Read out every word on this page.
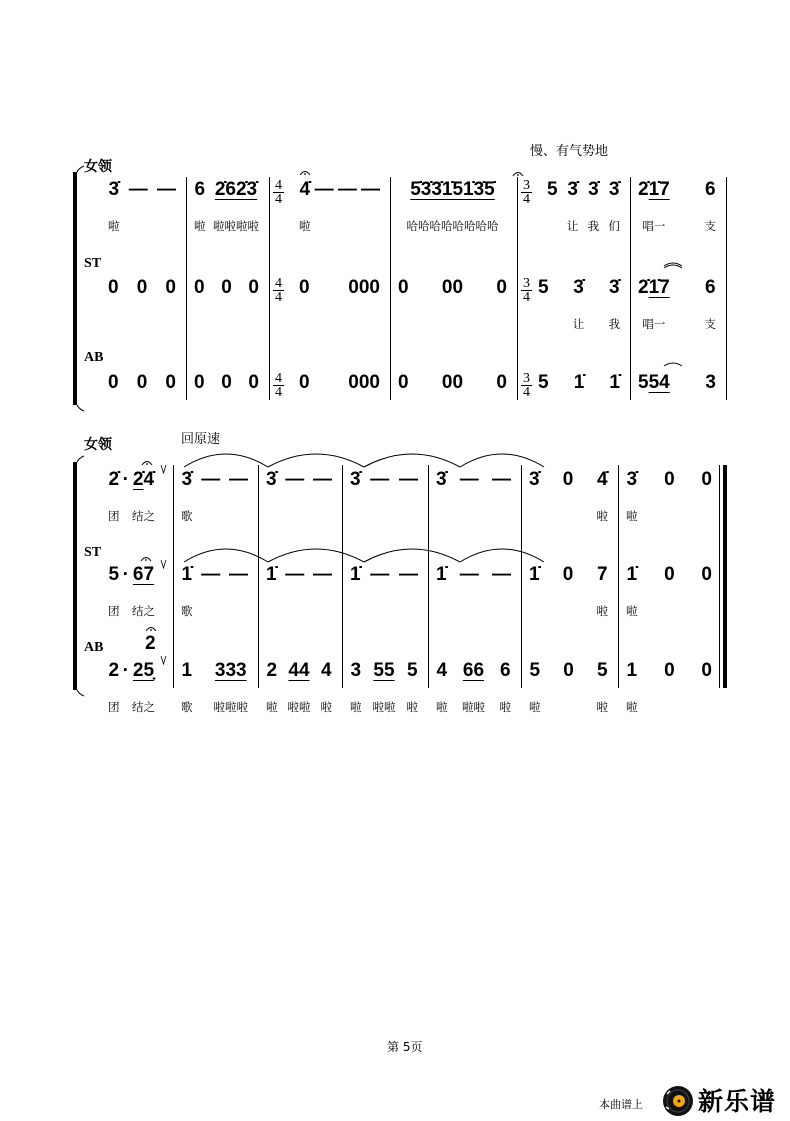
慢、有气势地
女领
3̇
啦
— — 6
啦
2̇62̇3̇
啦啦啦啦
4
4 4̇
啦
— — — 5̇3̇3̇1̇51̇3̇5̇
哈哈哈哈哈哈哈哈
3
4 5 3̇
让
3̇
我
3̇
们
2̇1̇7
唱一
6
支
ST
0 0 0 0 0 0 4
4 0 000 0 00 0 3
4 5 3̇
让
3̇
我
2̇1̇7
唱一
6
支
AB
0 0 0 0 0 0 4
4 0 000 0 00 0 3
4 5 1̇ 1̇ 554 3
回原速
女领
2̇
团
· 2̇4̇
结之
3̇
歌
— — 3̇ — — 3̇ — — 3̇ — — 3̇ 0 4̇
啦
3̇
啦
0 0
ST
5
团
· 67
结之
1̇
歌
— — 1̇ — — 1̇ — — 1̇ — — 1̇ 0 7
啦
1̇
啦
0 0
AB 2
2
团
· 25̣
结之
1
歌
333
啦啦啦
2
啦
44
啦啦
4
啦
3
啦
55
啦啦
5
啦
4
啦
66
啦啦
6
啦
5
啦
0 5
啦
1
啦
0 0
第 5页
本曲谱上 新乐谱
